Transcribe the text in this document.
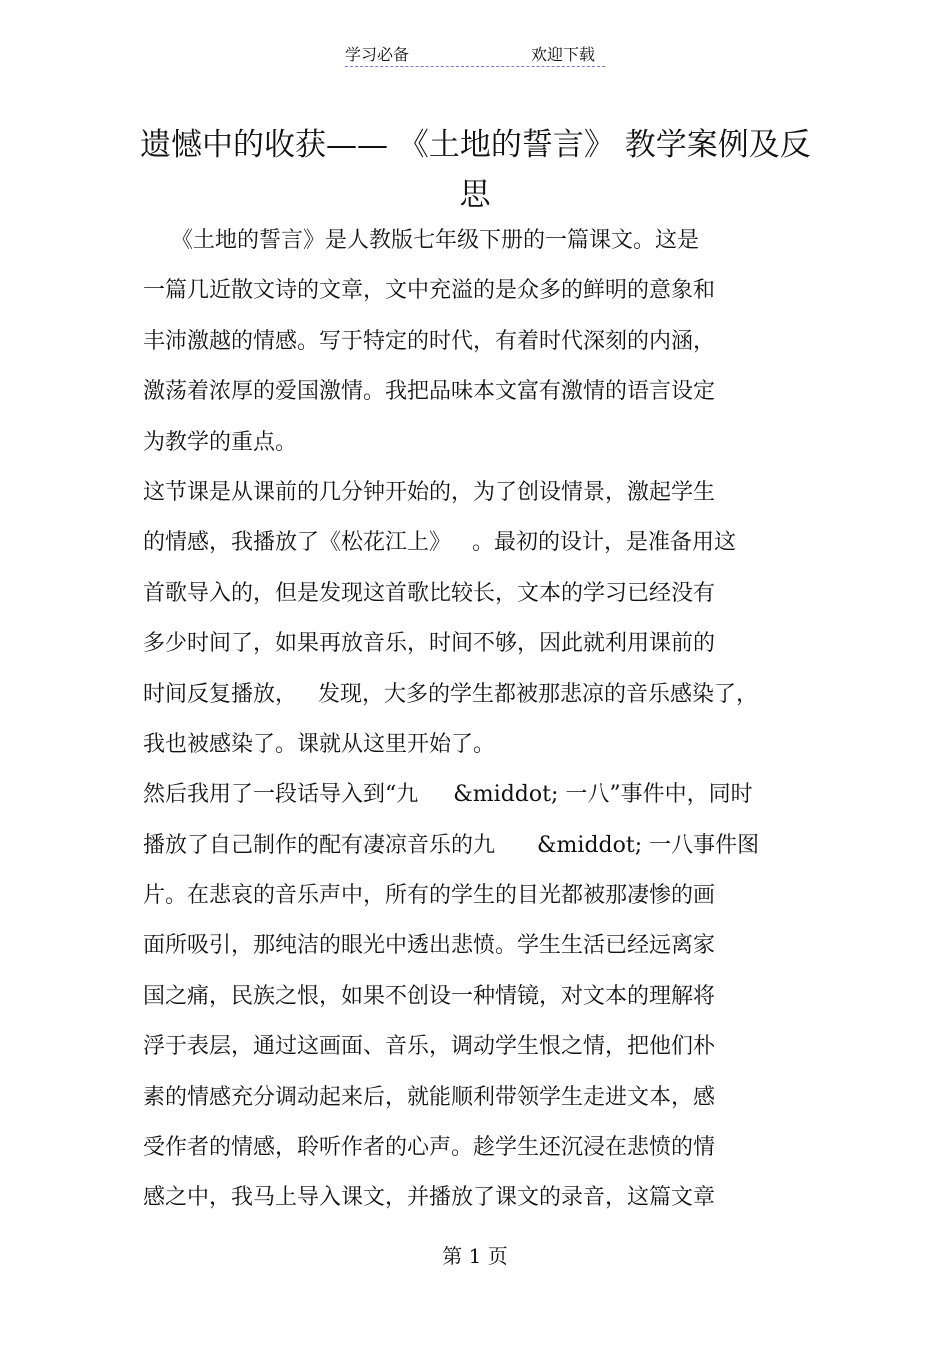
学习必备	欢迎下载
遗憾中的收获—— 《土地的誓言》 教学案例及反
思
《土地的誓言》是人教版七年级下册的一篇课文。这是
一篇几近散文诗的文章，文中充溢的是众多的鲜明的意象和
丰沛激越的情感。写于特定的时代，有着时代深刻的内涵，
激荡着浓厚的爱国激情。我把品味本文富有激情的语言设定
为教学的重点。
这节课是从课前的几分钟开始的，为了创设情景，激起学生
的情感，我播放了《松花江上》   。最初的设计，是准备用这
首歌导入的，但是发现这首歌比较长，文本的学习已经没有
多少时间了，如果再放音乐，时间不够，因此就利用课前的
时间反复播放，   发现，大多的学生都被那悲凉的音乐感染了，
我也被感染了。课就从这里开始了。
然后我用了一段话导入到“九     &middot; 一八”事件中，同时
播放了自己制作的配有凄凉音乐的九      &middot; 一八事件图
片。在悲哀的音乐声中，所有的学生的目光都被那凄惨的画
面所吸引，那纯洁的眼光中透出悲愤。学生生活已经远离家
国之痛，民族之恨，如果不创设一种情镜，对文本的理解将
浮于表层，通过这画面、音乐，调动学生恨之情，把他们朴
素的情感充分调动起来后，就能顺利带领学生走进文本，感
受作者的情感，聆听作者的心声。趁学生还沉浸在悲愤的情
感之中，我马上导入课文，并播放了课文的录音，这篇文章
第 1 页
